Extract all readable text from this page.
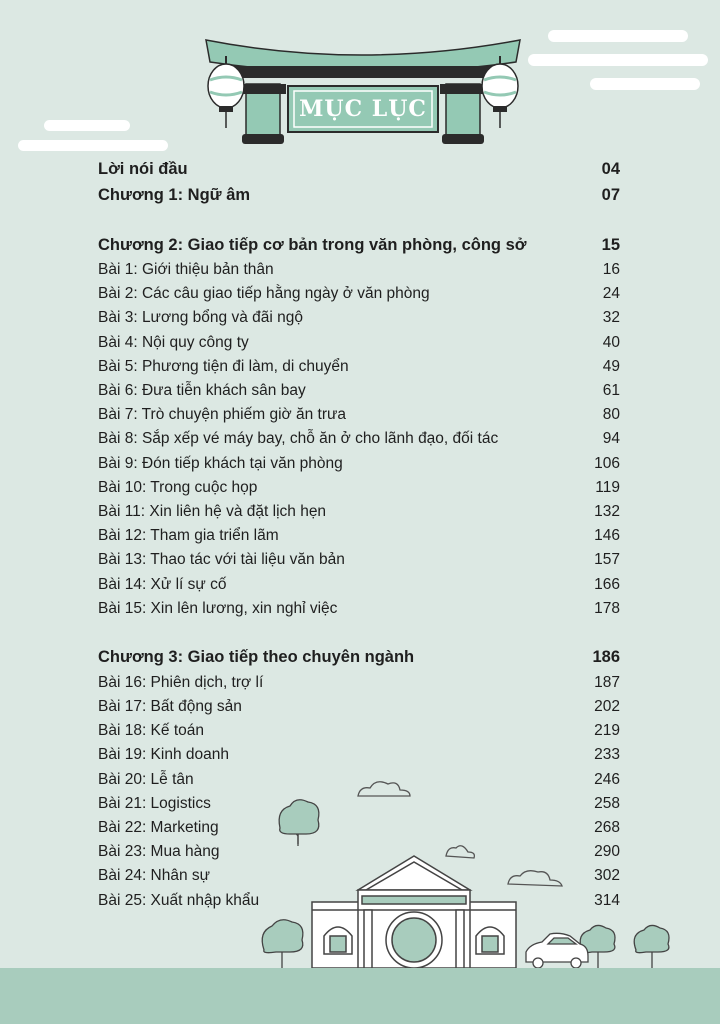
MỤC LỤC
Lời nói đầu	04
Chương 1: Ngữ âm	07
Chương 2: Giao tiếp cơ bản trong văn phòng, công sở	15
Bài 1: Giới thiệu bản thân	16
Bài 2: Các câu giao tiếp hằng ngày ở văn phòng	24
Bài 3: Lương bổng và đãi ngộ	32
Bài 4: Nội quy công ty	40
Bài 5: Phương tiện đi làm, di chuyển	49
Bài 6: Đưa tiễn khách sân bay	61
Bài 7: Trò chuyện phiếm giờ ăn trưa	80
Bài 8: Sắp xếp vé máy bay, chỗ ăn ở cho lãnh đạo, đối tác	94
Bài 9: Đón tiếp khách tại văn phòng	106
Bài 10: Trong cuộc họp	119
Bài 11: Xin liên hệ và đặt lịch hẹn	132
Bài 12: Tham gia triển lãm	146
Bài 13: Thao tác với tài liệu văn bản	157
Bài 14: Xử lí sự cố	166
Bài 15: Xin lên lương, xin nghỉ việc	178
Chương 3: Giao tiếp theo chuyên ngành	186
Bài 16: Phiên dịch, trợ lí	187
Bài 17: Bất động sản	202
Bài 18: Kế toán	219
Bài 19: Kinh doanh	233
Bài 20: Lễ tân	246
Bài 21: Logistics	258
Bài 22: Marketing	268
Bài 23: Mua hàng	290
Bài 24: Nhân sự	302
Bài 25: Xuất nhập khẩu	314
